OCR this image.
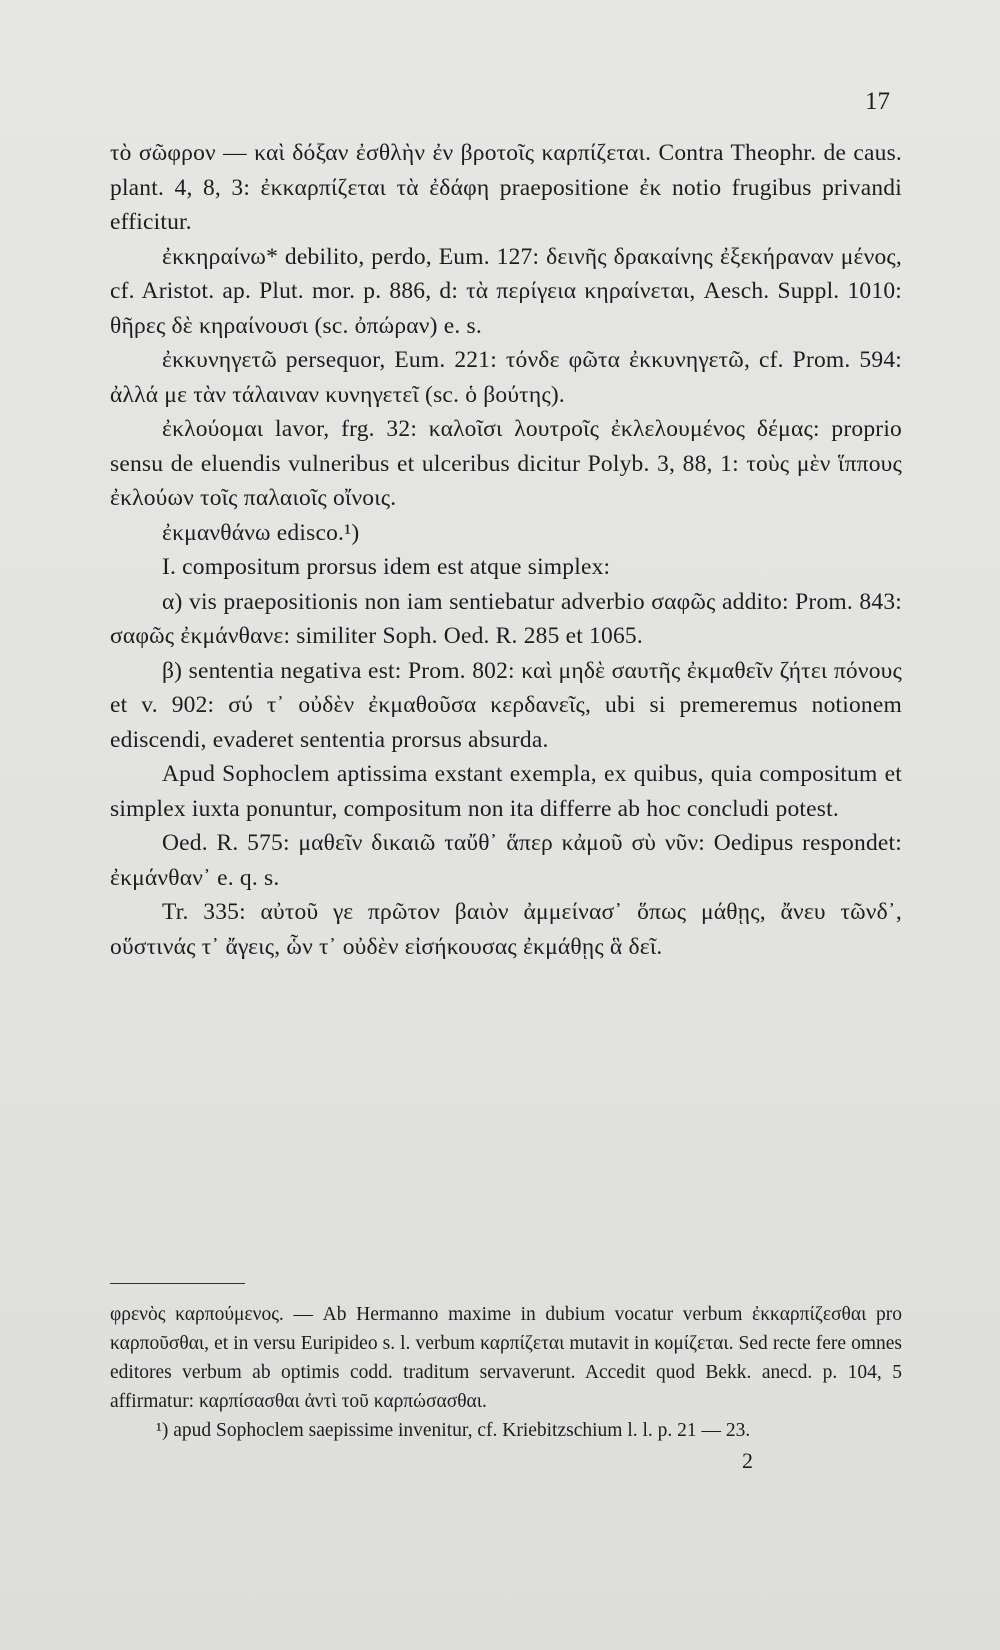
17

τὸ σῶφρον — καὶ δόξαν ἐσθλὴν ἐν βροτοῖς καρπίζεται. Contra Theophr. de caus. plant. 4, 8, 3: ἐκκαρπίζεται τὰ ἐδάφη praepositione ἐκ notio frugibus privandi efficitur.

ἐκκηραίνω* debilito, perdo, Eum. 127: δεινῆς δρακαίνης ἐξεκήραναν μένος, cf. Aristot. ap. Plut. mor. p. 886, d: τὰ περίγεια κηραίνεται, Aesch. Suppl. 1010: θῆρες δὲ κηραίνουσι (sc. ὀπώραν) e. s.

ἐκκυνηγετῶ persequor, Eum. 221: τόνδε φῶτα ἐκκυνηγετῶ, cf. Prom. 594: ἀλλά με τὰν τάλαιναν κυνηγετεῖ (sc. ὁ βούτης).

ἐκλούομαι lavor, frg. 32: καλοῖσι λουτροῖς ἐκλελουμένος δέμας: proprio sensu de eluendis vulneribus et ulceribus dicitur Polyb. 3, 88, 1: τοὺς μὲν ἵππους ἐκλούων τοῖς παλαιοῖς οἴνοις.

ἐκμανθάνω edisco.¹)

I. compositum prorsus idem est atque simplex:

α) vis praepositionis non iam sentiebatur adverbio σαφῶς addito: Prom. 843: σαφῶς ἐκμάνθανε: similiter Soph. Oed. R. 285 et 1065.

β) sententia negativa est: Prom. 802: καὶ μηδὲ σαυτῆς ἐκμαθεῖν ζήτει πόνους et v. 902: σύ τ᾽ οὐδὲν ἐκμαθοῦσα κερδανεῖς, ubi si premeremus notionem ediscendi, evaderet sententia prorsus absurda.

Apud Sophoclem aptissima exstant exempla, ex quibus, quia compositum et simplex iuxta ponuntur, compositum non ita differre ab hoc concludi potest.

Oed. R. 575: μαθεῖν δικαιῶ ταὔθ᾽ ἅπερ κἀμοῦ σὺ νῦν: Oedipus respondet: ἐκμάνθαν᾽ e. q. s.

Tr. 335: αὐτοῦ γε πρῶτον βαιὸν ἀμμείνασ᾽ ὅπως μάθῃς, ἄνευ τῶνδ᾽, οὕστινάς τ᾽ ἄγεις, ὧν τ᾽ οὐδὲν εἰσήκουσας ἐκμάθῃς ἃ δεῖ.

φρενὸς καρπούμενος. — Ab Hermanno maxime in dubium vocatur verbum ἐκκαρπίζεσθαι pro καρποῦσθαι, et in versu Euripideo s. l. verbum καρπίζεται mutavit in κομίζεται. Sed recte fere omnes editores verbum ab optimis codd. traditum servaverunt. Accedit quod Bekk. anecd. p. 104, 5 affirmatur: καρπίσασθαι ἀντὶ τοῦ καρπώσασθαι.

¹) apud Sophoclem saepissime invenitur, cf. Kriebitzschium l. l. p. 21 — 23.

2
